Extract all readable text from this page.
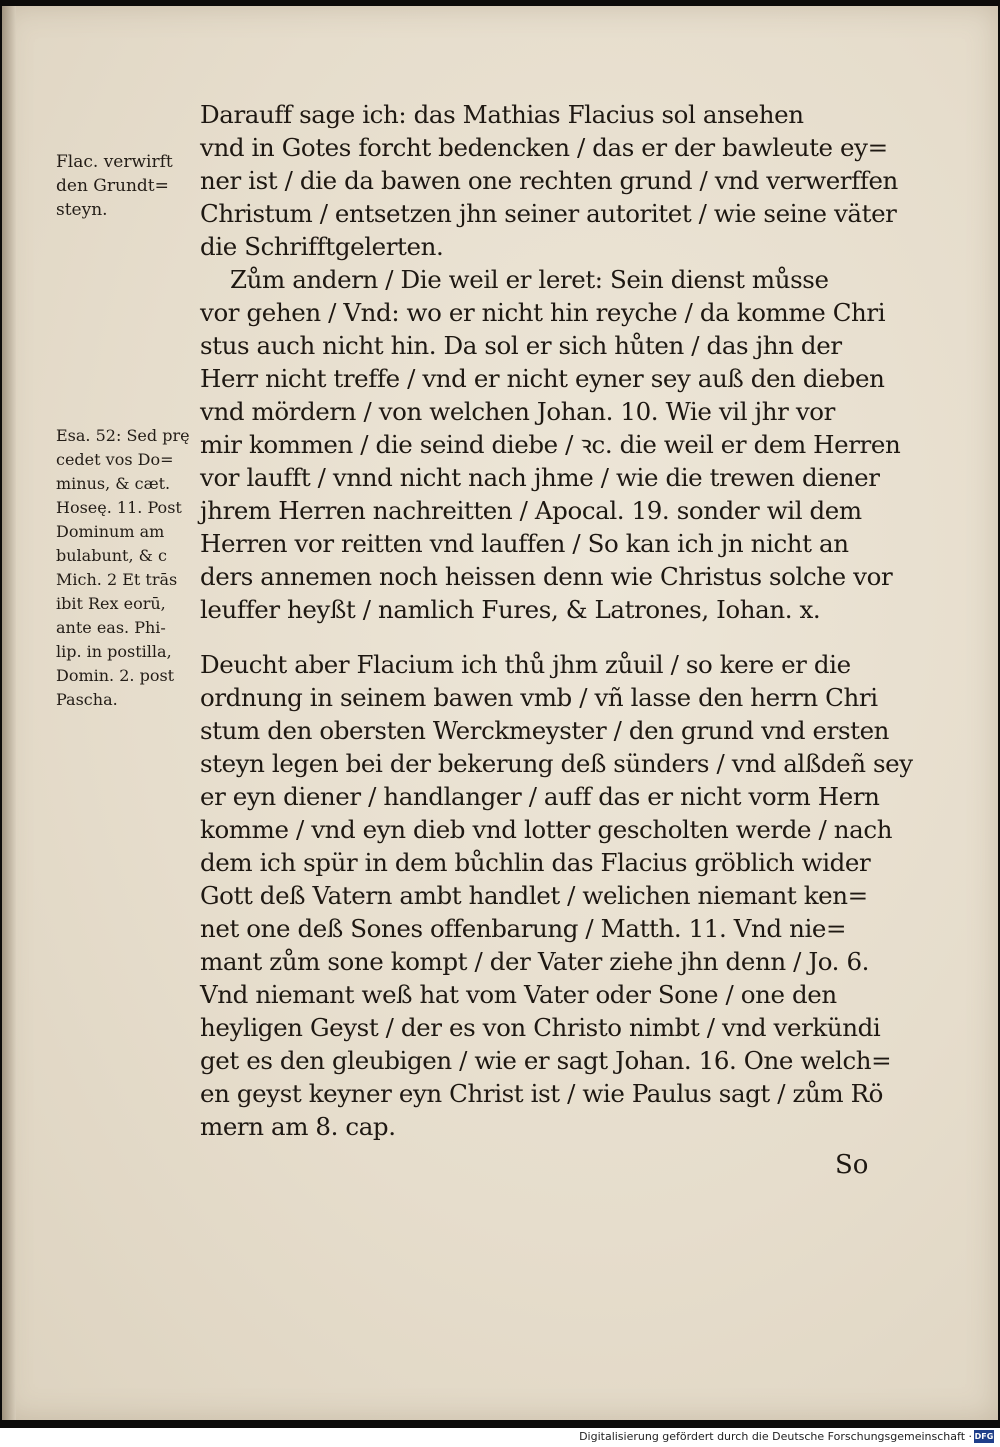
Flac. verwirft
den Grundt=
steyn.
Esa. 52: Sed prę
cedet vos Do=
minus, & cæt.
Hoseę. 11. Post
Dominum am
bulabunt, & c
Mich. 2 Et trās
ibit Rex eorū,
ante eas. Phi-
lip. in postilla,
Domin. 2. post
Pascha.
Darauff sage ich: das Mathias Flacius sol ansehen
vnd in Gotes forcht bedencken / das er der bawleute ey=
ner ist / die da bawen one rechten grund / vnd verwerffen
Christum / entsetzen jhn seiner autoritet / wie seine väter
die Schrifftgelerten.
Zům andern / Die weil er leret: Sein dienst můsse
vor gehen / Vnd: wo er nicht hin reyche / da komme Chri
stus auch nicht hin. Da sol er sich hůten / das jhn der
Herr nicht treffe / vnd er nicht eyner sey auß den dieben
vnd mördern / von welchen Johan. 10. Wie vil jhr vor
mir kommen / die seind diebe / ꝛc. die weil er dem Herren
vor laufft / vnnd nicht nach jhme / wie die trewen diener
jhrem Herren nachreitten / Apocal. 19. sonder wil dem
Herren vor reitten vnd lauffen / So kan ich jn nicht an
ders annemen noch heissen denn wie Christus solche vor
leuffer heyßt / namlich Fures, & Latrones, Iohan. x.
Deucht aber Flacium ich thů jhm zůuil / so kere er die
ordnung in seinem bawen vmb / vñ lasse den herrn Chri
stum den obersten Werckmeyster / den grund vnd ersten
steyn legen bei der bekerung deß sünders / vnd alßdeñ sey
er eyn diener / handlanger / auff das er nicht vorm Hern
komme / vnd eyn dieb vnd lotter gescholten werde / nach
dem ich spür in dem bůchlin das Flacius gröblich wider
Gott deß Vatern ambt handlet / welichen niemant ken=
net one deß Sones offenbarung / Matth. 11. Vnd nie=
mant zům sone kompt / der Vater ziehe jhn denn / Jo. 6.
Vnd niemant weß hat vom Vater oder Sone / one den
heyligen Geyst / der es von Christo nimbt / vnd verkündi
get es den gleubigen / wie er sagt Johan. 16. One welch=
en geyst keyner eyn Christ ist / wie Paulus sagt / zům Rö
mern am 8. cap.
So
Digitalisierung gefördert durch die Deutsche Forschungsgemeinschaft · DFG
